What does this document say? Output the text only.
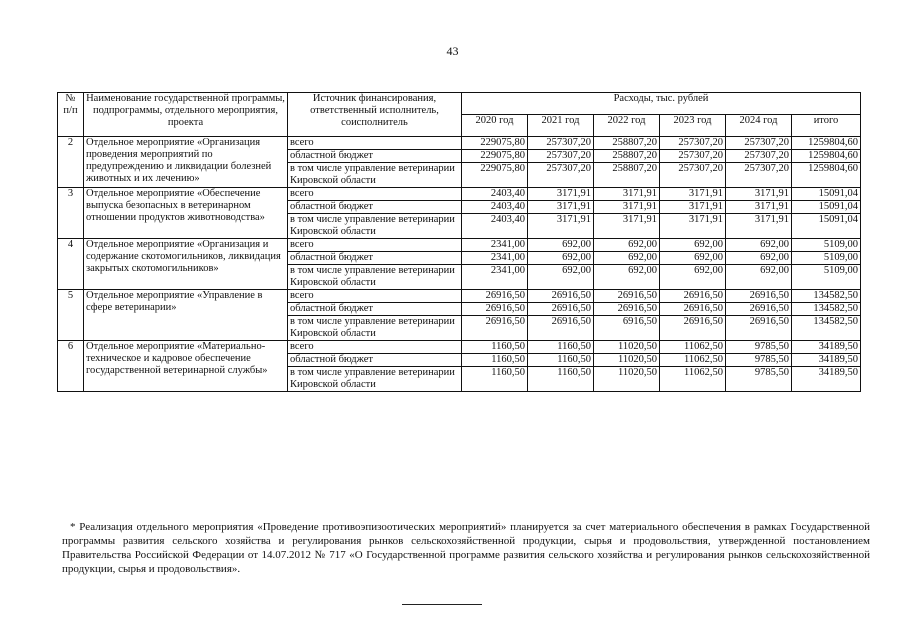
43
№ п/п	Наименование государственной программы, подпрограммы, отдельного мероприятия, проекта	Источник финансирования, ответственный исполнитель, соисполнитель	Расходы, тыс. рублей					
			2020 год	2021 год	2022 год	2023 год	2024 год	итого
2	Отдельное мероприятие «Организация проведения мероприятий по предупреждению и ликвидации болезней животных и их лечению»	всего	229075,80	257307,20	258807,20	257307,20	257307,20	1259804,60
		областной бюджет	229075,80	257307,20	258807,20	257307,20	257307,20	1259804,60
		в том числе управление ветеринарии Кировской области	229075,80	257307,20	258807,20	257307,20	257307,20	1259804,60
3	Отдельное мероприятие «Обеспечение выпуска безопасных в ветеринарном отношении продуктов животноводства»	всего	2403,40	3171,91	3171,91	3171,91	3171,91	15091,04
		областной бюджет	2403,40	3171,91	3171,91	3171,91	3171,91	15091,04
		в том числе управление ветеринарии Кировской области	2403,40	3171,91	3171,91	3171,91	3171,91	15091,04
4	Отдельное мероприятие «Организация и содержание скотомогильников, ликвидация закрытых скотомогильников»	всего	2341,00	692,00	692,00	692,00	692,00	5109,00
		областной бюджет	2341,00	692,00	692,00	692,00	692,00	5109,00
		в том числе управление ветеринарии Кировской области	2341,00	692,00	692,00	692,00	692,00	5109,00
5	Отдельное мероприятие «Управление в сфере ветеринарии»	всего	26916,50	26916,50	26916,50	26916,50	26916,50	134582,50
		областной бюджет	26916,50	26916,50	26916,50	26916,50	26916,50	134582,50
		в том числе управление ветеринарии Кировской области	26916,50	26916,50	6916,50	26916,50	26916,50	134582,50
6	Отдельное мероприятие «Материально-техническое и кадровое обеспечение государственной ветеринарной службы»	всего	1160,50	1160,50	11020,50	11062,50	9785,50	34189,50
		областной бюджет	1160,50	1160,50	11020,50	11062,50	9785,50	34189,50
		в том числе управление ветеринарии Кировской области	1160,50	1160,50	11020,50	11062,50	9785,50	34189,50
* Реализация отдельного мероприятия «Проведение противоэпизоотических мероприятий» планируется за счет материального обеспечения в рамках Государственной программы развития сельского хозяйства и регулирования рынков сельскохозяйственной продукции, сырья и продовольствия, утвержденной постановлением Правительства Российской Федерации от 14.07.2012 № 717 «О Государственной программе развития сельского хозяйства и регулирования рынков сельскохозяйственной продукции, сырья и продовольствия».
